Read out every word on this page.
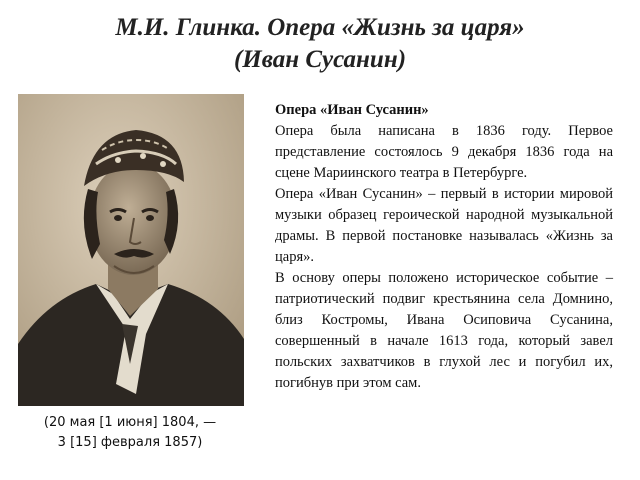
М.И. Глинка. Опера «Жизнь за царя»
(Иван Сусанин)
(20 мая [1 июня] 1804, —
3 [15] февраля 1857)

Опера «Иван Сусанин»

Опера была написана в 1836 году. Первое представление состоялось 9 декабря 1836 года на сцене Мариинского театра в Петербурге.

Опера «Иван Сусанин» – первый в истории мировой музыки образец героической народной музыкальной драмы. В первой постановке называлась «Жизнь за царя».

В основу оперы положено историческое событие – патриотический подвиг крестьянина села Домнино, близ Костромы, Ивана Осиповича Сусанина, совершенный в начале 1613 года, который завел польских захватчиков в глухой лес и погубил их, погибнув при этом сам.
